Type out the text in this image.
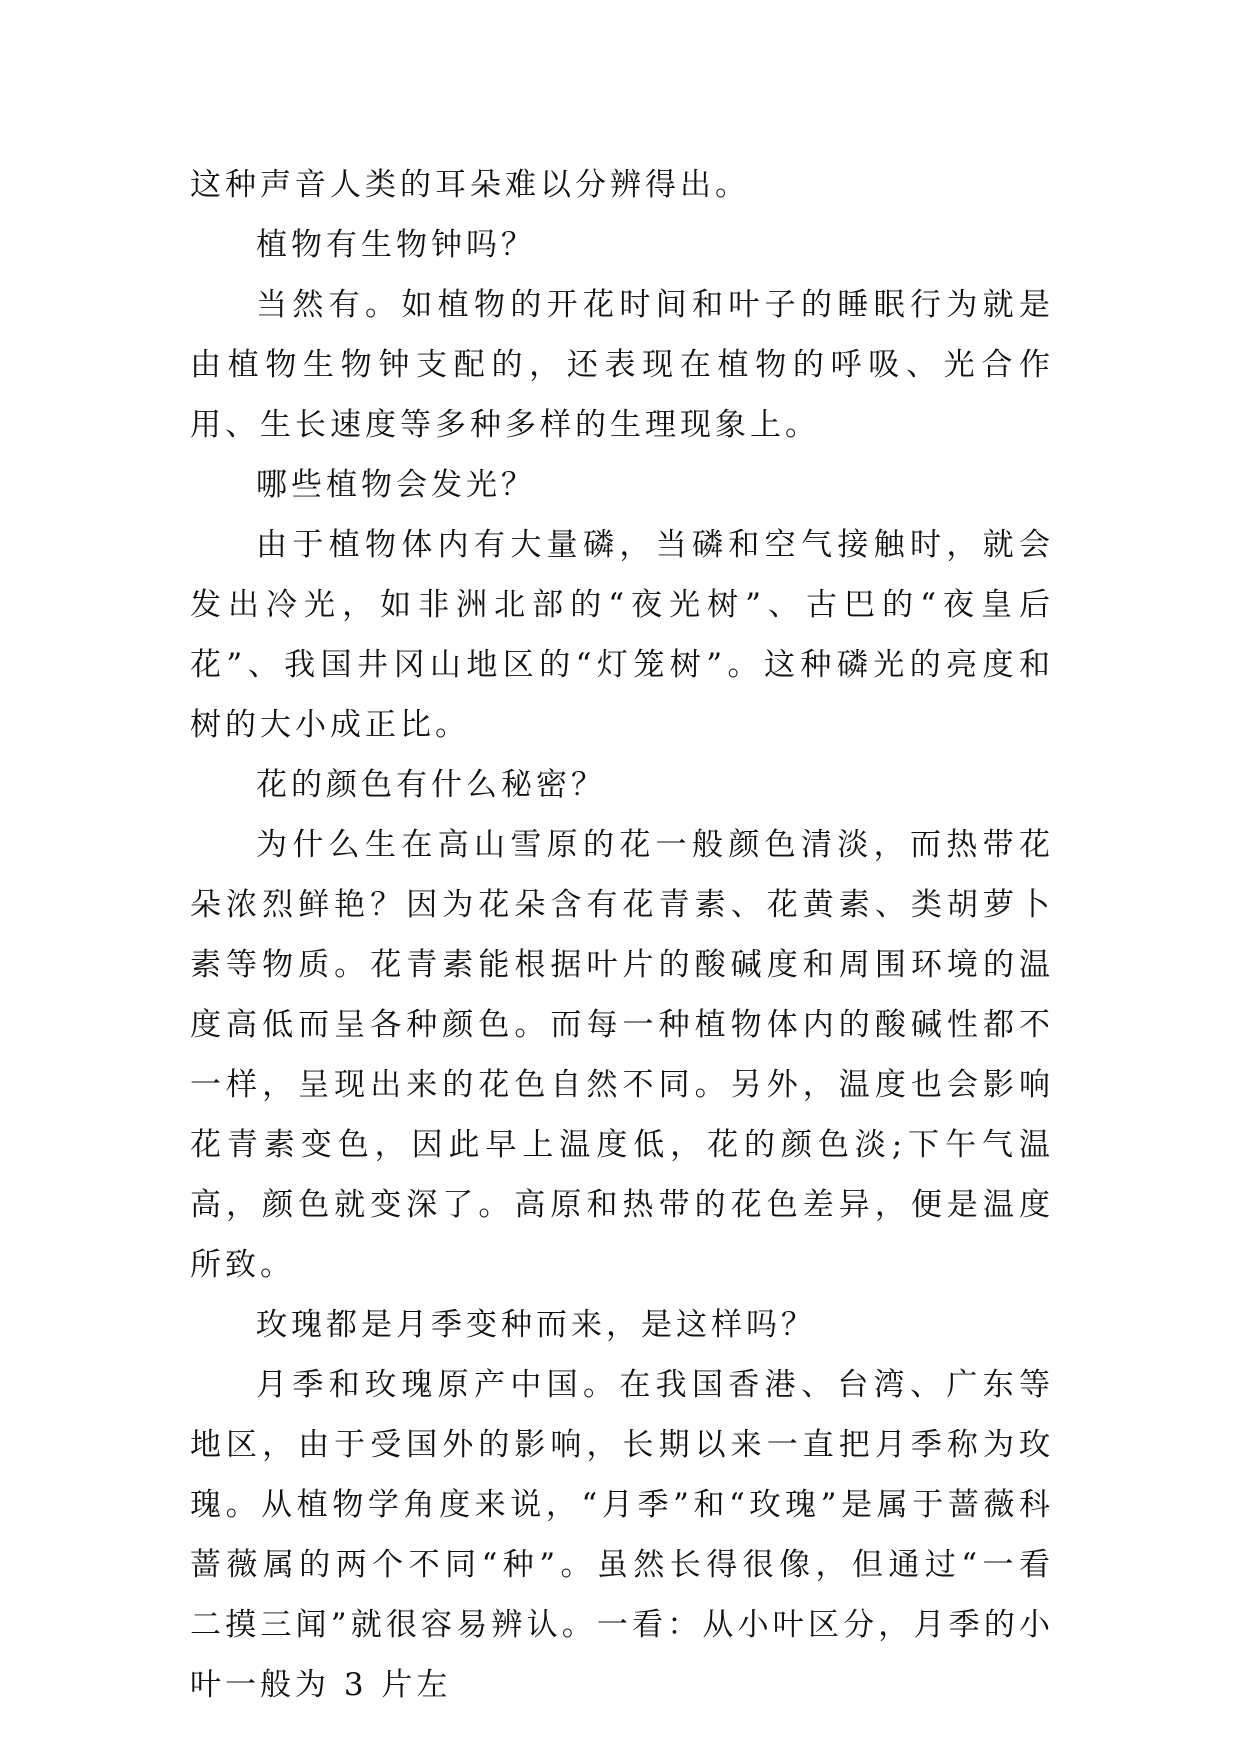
这种声音人类的耳朵难以分辨得出。

植物有生物钟吗？

当然有。如植物的开花时间和叶子的睡眠行为就是由植物生物钟支配的，还表现在植物的呼吸、光合作用、生长速度等多种多样的生理现象上。

哪些植物会发光？

由于植物体内有大量磷，当磷和空气接触时，就会发出冷光，如非洲北部的“夜光树”、古巴的“夜皇后花”、我国井冈山地区的“灯笼树”。这种磷光的亮度和树的大小成正比。

花的颜色有什么秘密？

为什么生在高山雪原的花一般颜色清淡，而热带花朵浓烈鲜艳？因为花朵含有花青素、花黄素、类胡萝卜素等物质。花青素能根据叶片的酸碱度和周围环境的温度高低而呈各种颜色。而每一种植物体内的酸碱性都不一样，呈现出来的花色自然不同。另外，温度也会影响花青素变色，因此早上温度低，花的颜色淡;下午气温高，颜色就变深了。高原和热带的花色差异，便是温度所致。

玫瑰都是月季变种而来，是这样吗？

月季和玫瑰原产中国。在我国香港、台湾、广东等地区，由于受国外的影响，长期以来一直把月季称为玫瑰。从植物学角度来说，“月季”和“玫瑰”是属于蔷薇科蔷薇属的两个不同“种”。虽然长得很像，但通过“一看二摸三闻”就很容易辨认。一看：从小叶区分，月季的小叶一般为 3 片左
